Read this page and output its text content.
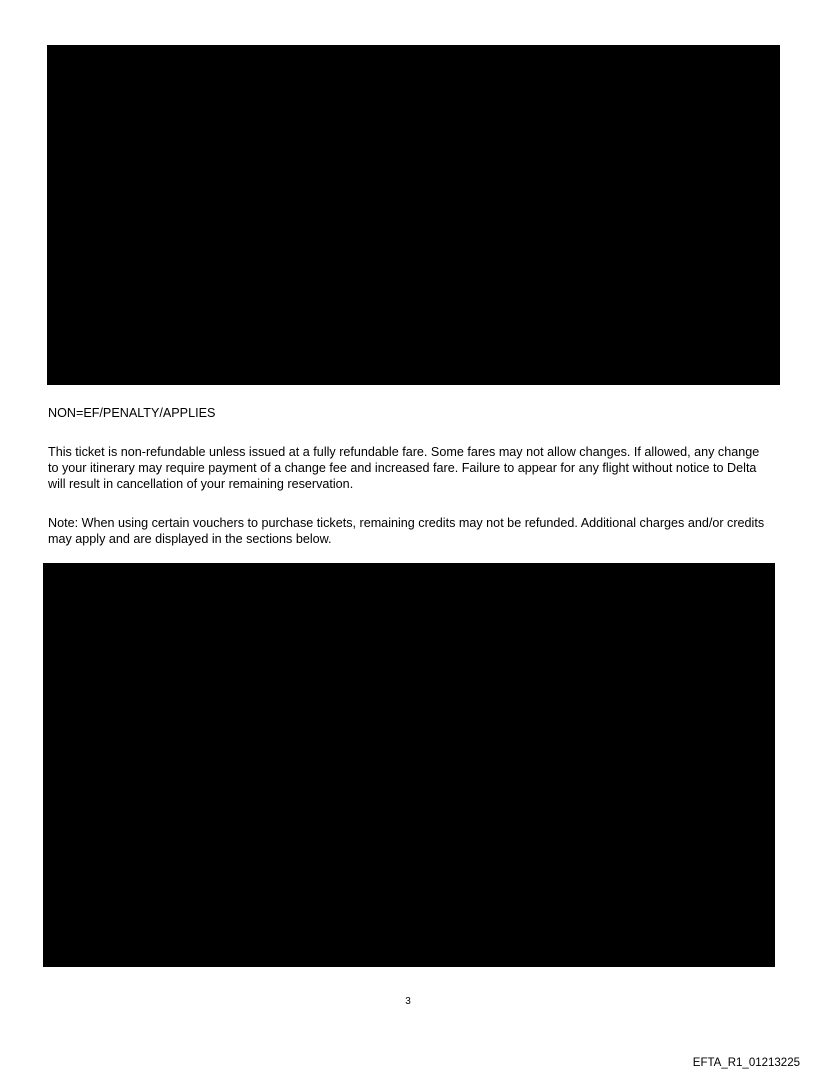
NON=EF/PENALTY/APPLIES

This ticket is non-refundable unless issued at a fully refundable fare. Some fares may not allow changes. If allowed, any change to your itinerary may require payment of a change fee and increased fare. Failure to appear for any flight without notice to Delta will result in cancellation of your remaining reservation.

Note: When using certain vouchers to purchase tickets, remaining credits may not be refunded. Additional charges and/or credits may apply and are displayed in the sections below.

3
EFTA_R1_01213225
